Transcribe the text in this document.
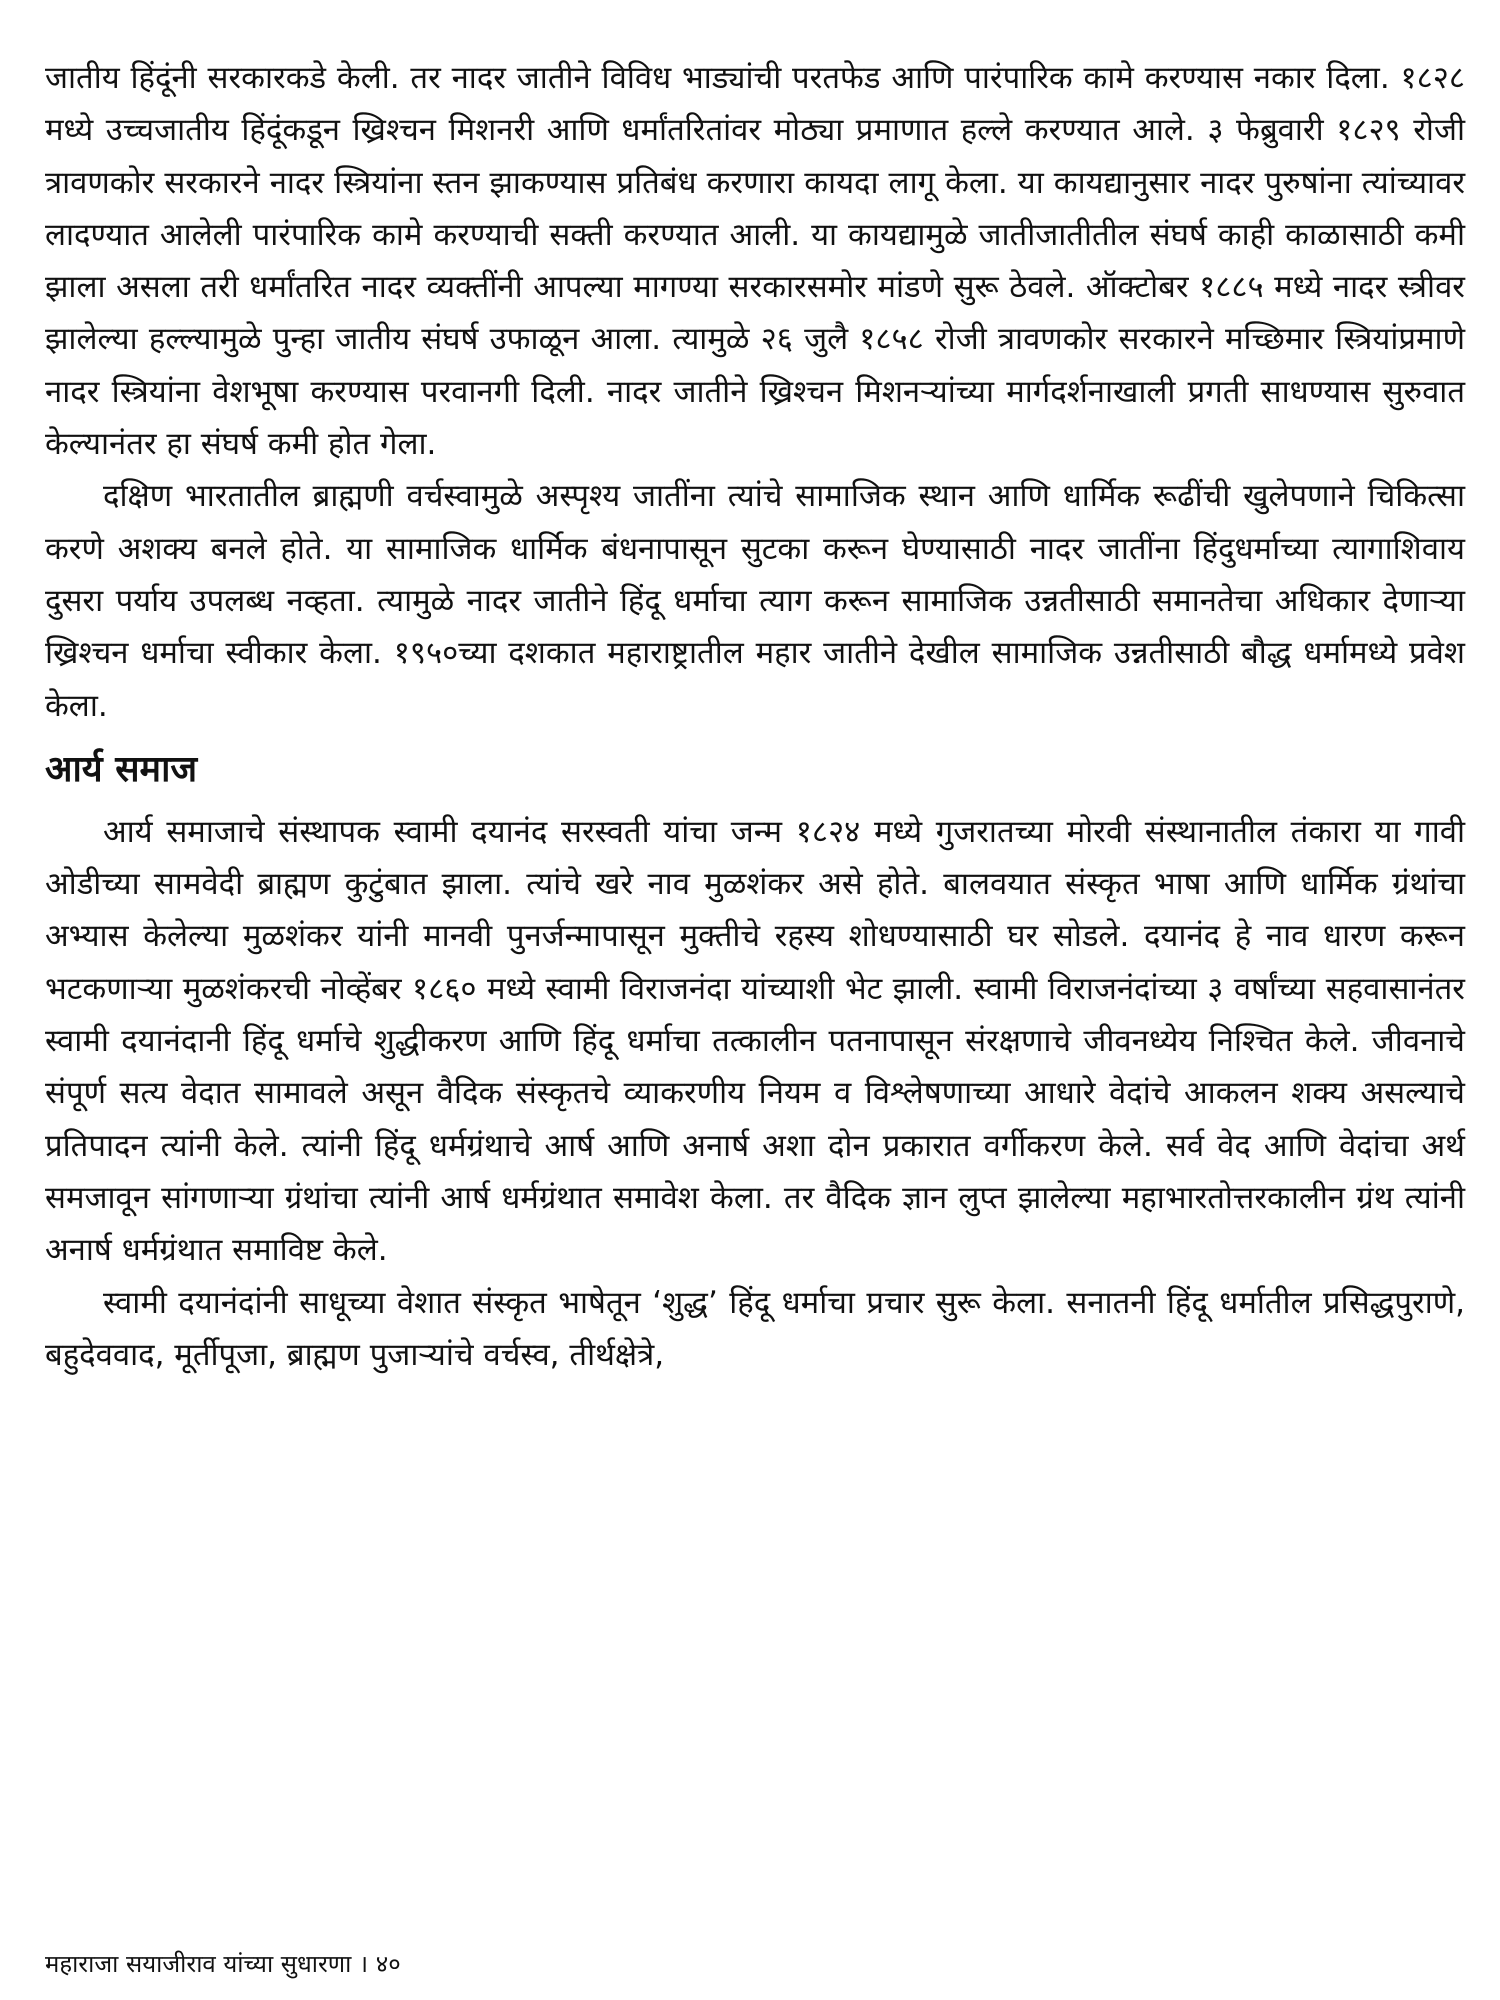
जातीय हिंदूंनी सरकारकडे केली. तर नादर जातीने विविध भाड्यांची परतफेड आणि पारंपारिक कामे करण्यास नकार दिला. १८२८ मध्ये उच्चजातीय हिंदूंकडून ख्रिश्चन मिशनरी आणि धर्मांतरितांवर मोठ्या प्रमाणात हल्ले करण्यात आले. ३ फेब्रुवारी १८२९ रोजी त्रावणकोर सरकारने नादर स्त्रियांना स्तन झाकण्यास प्रतिबंध करणारा कायदा लागू केला. या कायद्यानुसार नादर पुरुषांना त्यांच्यावर लादण्यात आलेली पारंपारिक कामे करण्याची सक्ती करण्यात आली. या कायद्यामुळे जातीजातीतील संघर्ष काही काळासाठी कमी झाला असला तरी धर्मांतरित नादर व्यक्तींनी आपल्या मागण्या सरकारसमोर मांडणे सुरू ठेवले. ऑक्टोबर १८८५ मध्ये नादर स्त्रीवर झालेल्या हल्ल्यामुळे पुन्हा जातीय संघर्ष उफाळून आला. त्यामुळे २६ जुलै १८५८ रोजी त्रावणकोर सरकारने मच्छिमार स्त्रियांप्रमाणे नादर स्त्रियांना वेशभूषा करण्यास परवानगी दिली. नादर जातीने ख्रिश्चन मिशनऱ्यांच्या मार्गदर्शनाखाली प्रगती साधण्यास सुरुवात केल्यानंतर हा संघर्ष कमी होत गेला.

दक्षिण भारतातील ब्राह्मणी वर्चस्वामुळे अस्पृश्य जातींना त्यांचे सामाजिक स्थान आणि धार्मिक रूढींची खुलेपणाने चिकित्सा करणे अशक्य बनले होते. या सामाजिक धार्मिक बंधनापासून सुटका करून घेण्यासाठी नादर जातींना हिंदुधर्माच्या त्यागाशिवाय दुसरा पर्याय उपलब्ध नव्हता. त्यामुळे नादर जातीने हिंदू धर्माचा त्याग करून सामाजिक उन्नतीसाठी समानतेचा अधिकार देणाऱ्या ख्रिश्चन धर्माचा स्वीकार केला. १९५०च्या दशकात महाराष्ट्रातील महार जातीने देखील सामाजिक उन्नतीसाठी बौद्ध धर्मामध्ये प्रवेश केला.

आर्य समाज

आर्य समाजाचे संस्थापक स्वामी दयानंद सरस्वती यांचा जन्म १८२४ मध्ये गुजरातच्या मोरवी संस्थानातील तंकारा या गावी ओडीच्या सामवेदी ब्राह्मण कुटुंबात झाला. त्यांचे खरे नाव मुळशंकर असे होते. बालवयात संस्कृत भाषा आणि धार्मिक ग्रंथांचा अभ्यास केलेल्या मुळशंकर यांनी मानवी पुनर्जन्मापासून मुक्तीचे रहस्य शोधण्यासाठी घर सोडले. दयानंद हे नाव धारण करून भटकणाऱ्या मुळशंकरची नोव्हेंबर १८६० मध्ये स्वामी विराजनंदा यांच्याशी भेट झाली. स्वामी विराजनंदांच्या ३ वर्षांच्या सहवासानंतर स्वामी दयानंदानी हिंदू धर्माचे शुद्धीकरण आणि हिंदू धर्माचा तत्कालीन पतनापासून संरक्षणाचे जीवनध्येय निश्चित केले. जीवनाचे संपूर्ण सत्य वेदात सामावले असून वैदिक संस्कृतचे व्याकरणीय नियम व विश्लेषणाच्या आधारे वेदांचे आकलन शक्य असल्याचे प्रतिपादन त्यांनी केले. त्यांनी हिंदू धर्मग्रंथाचे आर्ष आणि अनार्ष अशा दोन प्रकारात वर्गीकरण केले. सर्व वेद आणि वेदांचा अर्थ समजावून सांगणाऱ्या ग्रंथांचा त्यांनी आर्ष धर्मग्रंथात समावेश केला. तर वैदिक ज्ञान लुप्त झालेल्या महाभारतोत्तरकालीन ग्रंथ त्यांनी अनार्ष धर्मग्रंथात समाविष्ट केले.

स्वामी दयानंदांनी साधूच्या वेशात संस्कृत भाषेतून ‘शुद्ध’ हिंदू धर्माचा प्रचार सुरू केला. सनातनी हिंदू धर्मातील प्रसिद्धपुराणे, बहुदेववाद, मूर्तीपूजा, ब्राह्मण पुजाऱ्यांचे वर्चस्व, तीर्थक्षेत्रे,

महाराजा सयाजीराव यांच्या सुधारणा । ४०
